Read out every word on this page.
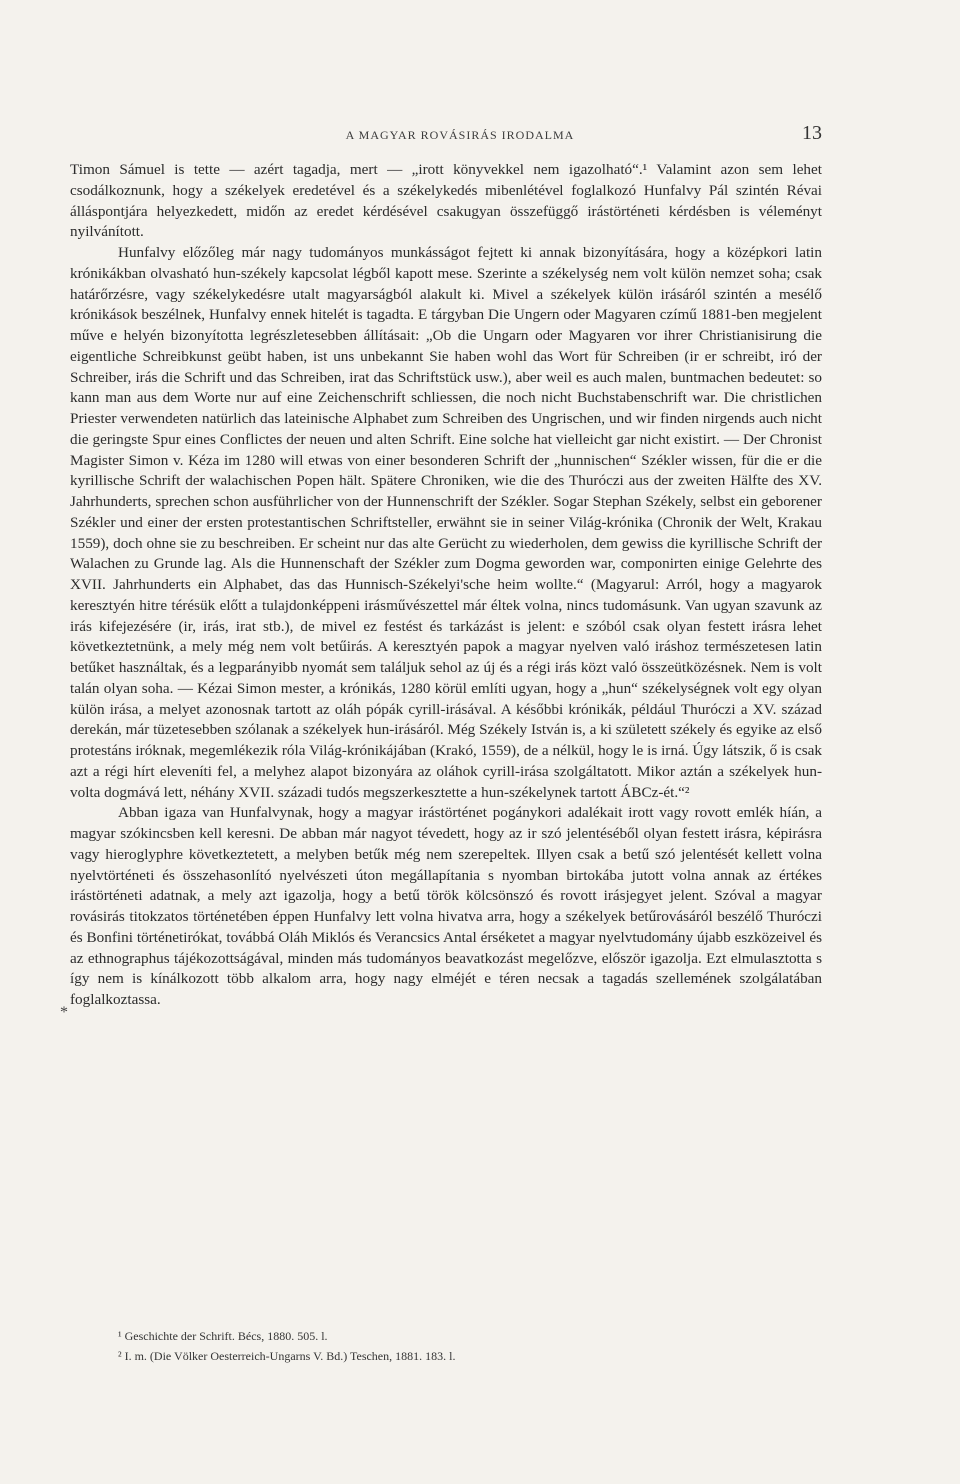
A MAGYAR ROVÁSIRÁS IRODALMA	13
*

Timon Sámuel is tette — azért tagadja, mert — „irott könyvekkel nem igazolható“.¹ Valamint azon sem lehet csodálkoznunk, hogy a székelyek eredetével és a székelykedés mibenlétével foglalkozó Hunfalvy Pál szintén Révai álláspontjára helyezkedett, midőn az eredet kérdésével csakugyan összefüggő irástörténeti kérdésben is véleményt nyilvánított.

Hunfalvy előzőleg már nagy tudományos munkásságot fejtett ki annak bizonyítására, hogy a középkori latin krónikákban olvasható hun-székely kapcsolat légből kapott mese. Szerinte a székelység nem volt külön nemzet soha; csak határőrzésre, vagy székelykedésre utalt magyarságból alakult ki. Mivel a székelyek külön irásáról szintén a mesélő krónikások beszélnek, Hunfalvy ennek hitelét is tagadta. E tárgyban Die Ungern oder Magyaren czímű 1881-ben megjelent műve e helyén bizonyította legrészletesebben állításait: „Ob die Ungarn oder Magyaren vor ihrer Christianisirung die eigentliche Schreibkunst geübt haben, ist uns unbekannt Sie haben wohl das Wort für Schreiben (ir er schreibt, iró der Schreiber, irás die Schrift und das Schreiben, irat das Schriftstück usw.), aber weil es auch malen, buntmachen bedeutet: so kann man aus dem Worte nur auf eine Zeichenschrift schliessen, die noch nicht Buchstabenschrift war. Die christlichen Priester verwendeten natürlich das lateinische Alphabet zum Schreiben des Ungrischen, und wir finden nirgends auch nicht die geringste Spur eines Conflictes der neuen und alten Schrift. Eine solche hat vielleicht gar nicht existirt. — Der Chronist Magister Simon v. Kéza im 1280 will etwas von einer besonderen Schrift der „hunnischen“ Székler wissen, für die er die kyrillische Schrift der walachischen Popen hält. Spätere Chroniken, wie die des Thuróczi aus der zweiten Hälfte des XV. Jahrhunderts, sprechen schon ausführlicher von der Hunnenschrift der Székler. Sogar Stephan Székely, selbst ein geborener Székler und einer der ersten protestantischen Schriftsteller, erwähnt sie in seiner Világ-krónika (Chronik der Welt, Krakau 1559), doch ohne sie zu beschreiben. Er scheint nur das alte Gerücht zu wiederholen, dem gewiss die kyrillische Schrift der Walachen zu Grunde lag. Als die Hunnenschaft der Székler zum Dogma geworden war, componirten einige Gelehrte des XVII. Jahrhunderts ein Alphabet, das das Hunnisch-Székelyi'sche heim wollte.“ (Magyarul: Arról, hogy a magyarok keresztyén hitre térésük előtt a tulajdonképpeni irásművészettel már éltek volna, nincs tudomásunk. Van ugyan szavunk az irás kifejezésére (ir, irás, irat stb.), de mivel ez festést és tarkázást is jelent: e szóból csak olyan festett irásra lehet következtetnünk, a mely még nem volt betűirás. A keresztyén papok a magyar nyelven való iráshoz természetesen latin betűket használtak, és a legparányibb nyomát sem találjuk sehol az új és a régi irás közt való összeütközésnek. Nem is volt talán olyan soha. — Kézai Simon mester, a krónikás, 1280 körül említi ugyan, hogy a „hun“ székelységnek volt egy olyan külön irása, a melyet azonosnak tartott az oláh pópák cyrill-irásával. A későbbi krónikák, például Thuróczi a XV. század derekán, már tüzetesebben szólanak a székelyek hun-irásáról. Még Székely István is, a ki született székely és egyike az első protestáns iróknak, megemlékezik róla Világ-krónikájában (Krakó, 1559), de a nélkül, hogy le is irná. Úgy látszik, ő is csak azt a régi hírt eleveníti fel, a melyhez alapot bizonyára az oláhok cyrill-irása szolgáltatott. Mikor aztán a székelyek hun-volta dogmává lett, néhány XVII. századi tudós megszerkesztette a hun-székelynek tartott ÁBCz-ét.“²

Abban igaza van Hunfalvynak, hogy a magyar irástörténet pogánykori adalékait irott vagy rovott emlék híán, a magyar szókincsben kell keresni. De abban már nagyot tévedett, hogy az ir szó jelentéséből olyan festett irásra, képirásra vagy hieroglyphre következtetett, a melyben betűk még nem szerepeltek. Illyen csak a betű szó jelentését kellett volna nyelvtörténeti és összehasonlító nyelvészeti úton megállapítania s nyomban birtokába jutott volna annak az értékes irástörténeti adatnak, a mely azt igazolja, hogy a betű török kölcsönszó és rovott irásjegyet jelent. Szóval a magyar rovásirás titokzatos történetében éppen Hunfalvy lett volna hivatva arra, hogy a székelyek betűrovásáról beszélő Thuróczi és Bonfini történetirókat, továbbá Oláh Miklós és Verancsics Antal érséketet a magyar nyelvtudomány újabb eszközeivel és az ethnographus tájékozottságával, minden más tudományos beavatkozást megelőzve, először igazolja. Ezt elmulasztotta s így nem is kínálkozott több alkalom arra, hogy nagy elméjét e téren necsak a tagadás szellemének szolgálatában foglalkoztassa.

¹ Geschichte der Schrift. Bécs, 1880. 505. l.

² I. m. (Die Völker Oesterreich-Ungarns V. Bd.) Teschen, 1881. 183. l.
